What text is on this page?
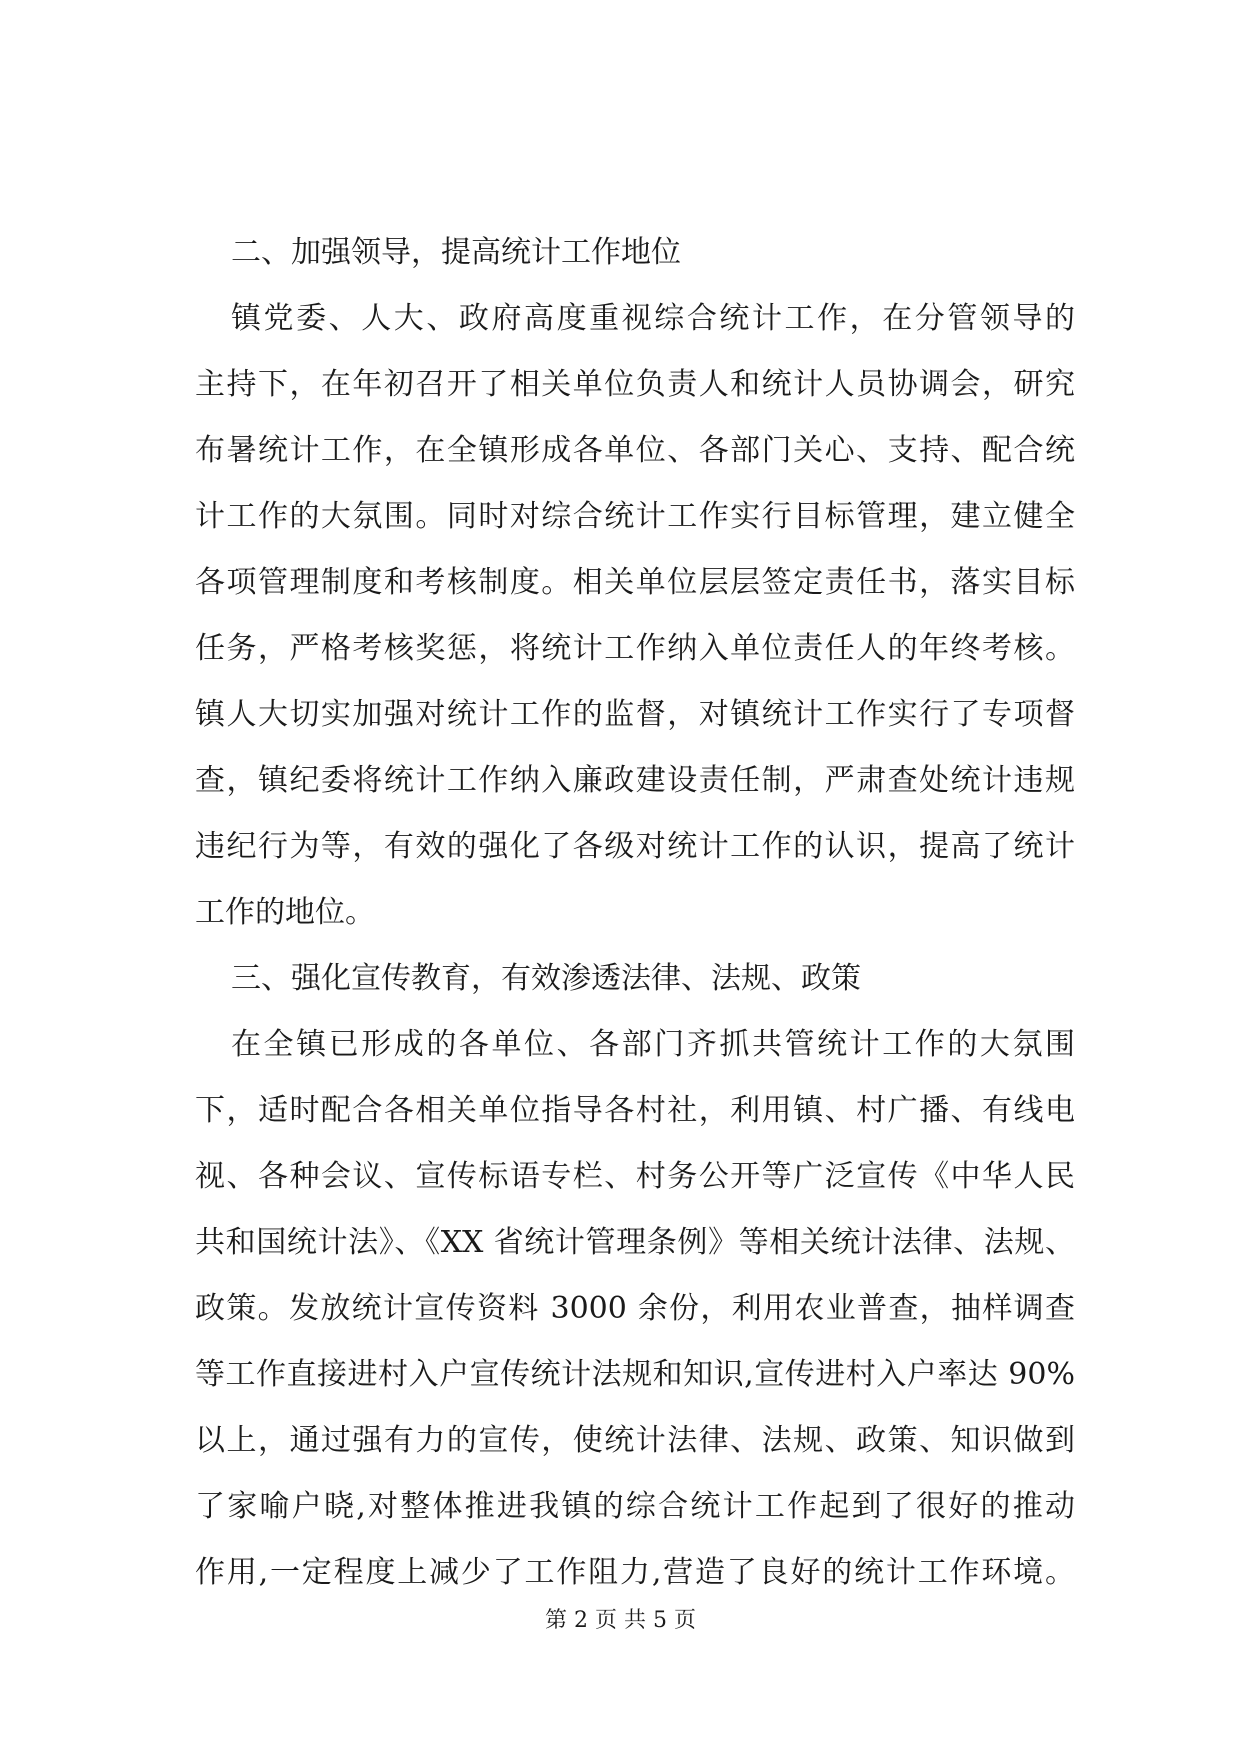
二、加强领导，提高统计工作地位
镇党委、人大、政府高度重视综合统计工作，在分管领导的
主持下，在年初召开了相关单位负责人和统计人员协调会，研究
布暑统计工作，在全镇形成各单位、各部门关心、支持、配合统
计工作的大氛围。同时对综合统计工作实行目标管理，建立健全
各项管理制度和考核制度。相关单位层层签定责任书，落实目标
任务，严格考核奖惩，将统计工作纳入单位责任人的年终考核。
镇人大切实加强对统计工作的监督，对镇统计工作实行了专项督
查，镇纪委将统计工作纳入廉政建设责任制，严肃查处统计违规
违纪行为等，有效的强化了各级对统计工作的认识，提高了统计
工作的地位。
三、强化宣传教育，有效渗透法律、法规、政策
在全镇已形成的各单位、各部门齐抓共管统计工作的大氛围
下，适时配合各相关单位指导各村社，利用镇、村广播、有线电
视、各种会议、宣传标语专栏、村务公开等广泛宣传《中华人民
共和国统计法》、《XX 省统计管理条例》等相关统计法律、法规、
政策。发放统计宣传资料 3000 余份，利用农业普查，抽样调查
等工作直接进村入户宣传统计法规和知识,宣传进村入户率达 90%
以上，通过强有力的宣传，使统计法律、法规、政策、知识做到
了家喻户晓,对整体推进我镇的综合统计工作起到了很好的推动
作用,一定程度上减少了工作阻力,营造了良好的统计工作环境。
第 2 页 共 5 页
